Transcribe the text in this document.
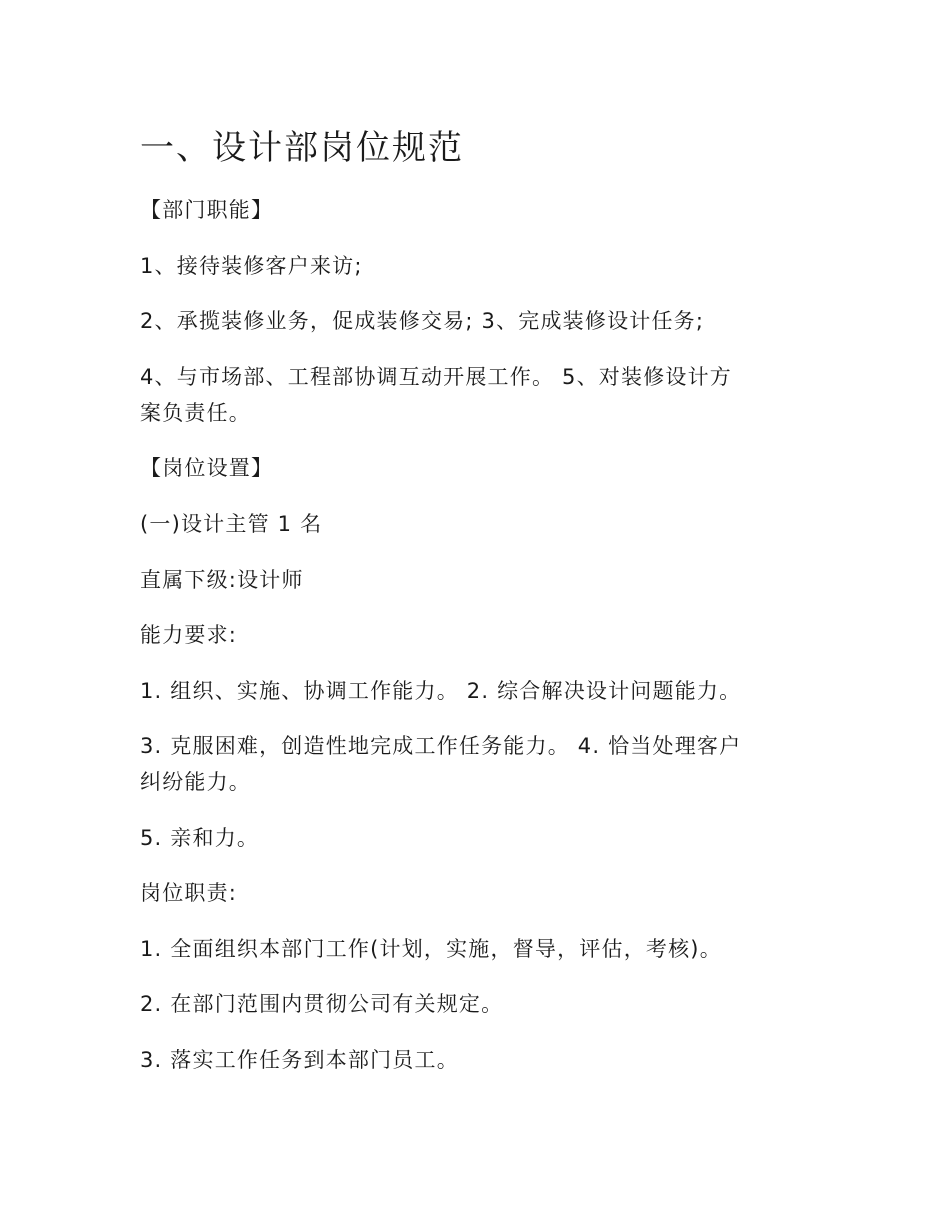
一、设计部岗位规范
【部门职能】
1、接待装修客户来访;
2、承揽装修业务，促成装修交易; 3、完成装修设计任务;
4、与市场部、工程部协调互动开展工作。 5、对装修设计方
案负责任。
【岗位设置】
(一)设计主管 1 名
直属下级:设计师
能力要求:
1. 组织、实施、协调工作能力。 2. 综合解决设计问题能力。
3. 克服困难，创造性地完成工作任务能力。 4. 恰当处理客户
纠纷能力。
5. 亲和力。
岗位职责:
1. 全面组织本部门工作(计划，实施，督导，评估，考核)。
2. 在部门范围内贯彻公司有关规定。
3. 落实工作任务到本部门员工。
